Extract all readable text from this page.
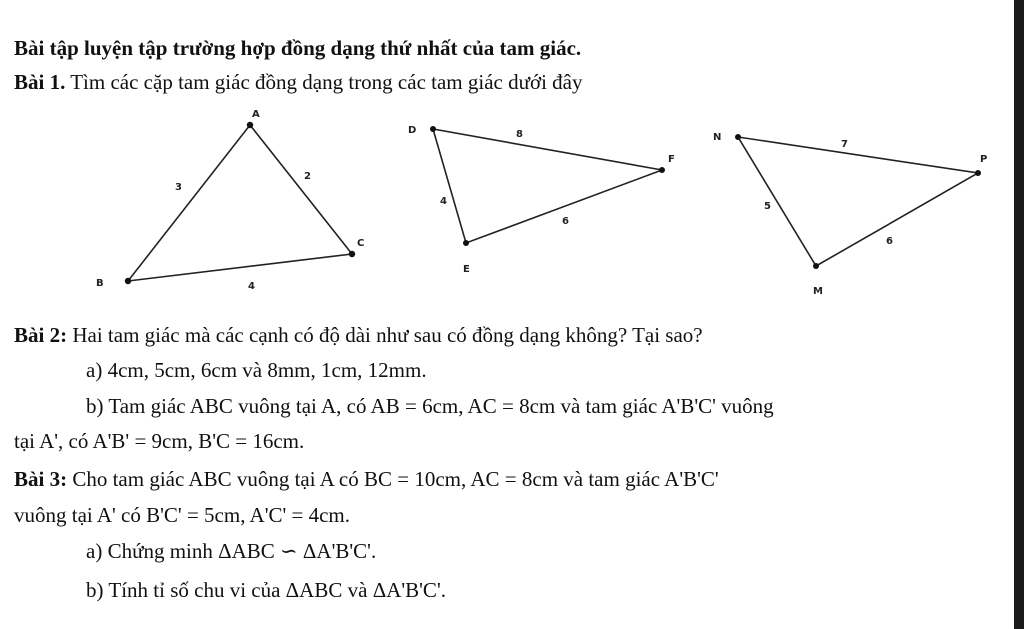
Bài tập luyện tập trường hợp đồng dạng thứ nhất của tam giác.
Bài 1. Tìm các cặp tam giác đồng dạng trong các tam giác dưới đây
A
B
C
3
2
4
D
E
F
8
4
6
N
P
M
7
5
6
Bài 2: Hai tam giác mà các cạnh có độ dài như sau có đồng dạng không? Tại sao?
a) 4cm, 5cm, 6cm và 8mm, 1cm, 12mm.
b) Tam giác ABC vuông tại A, có AB = 6cm, AC = 8cm và tam giác A'B'C' vuông
tại A', có A'B' = 9cm, B'C = 16cm.
Bài 3: Cho tam giác ABC vuông tại A có BC = 10cm, AC = 8cm và tam giác A'B'C'
vuông tại A' có B'C' = 5cm, A'C' = 4cm.
a) Chứng minh ΔABC ∽ ΔA'B'C'.
b) Tính tỉ số chu vi của ΔABC và ΔA'B'C'.
